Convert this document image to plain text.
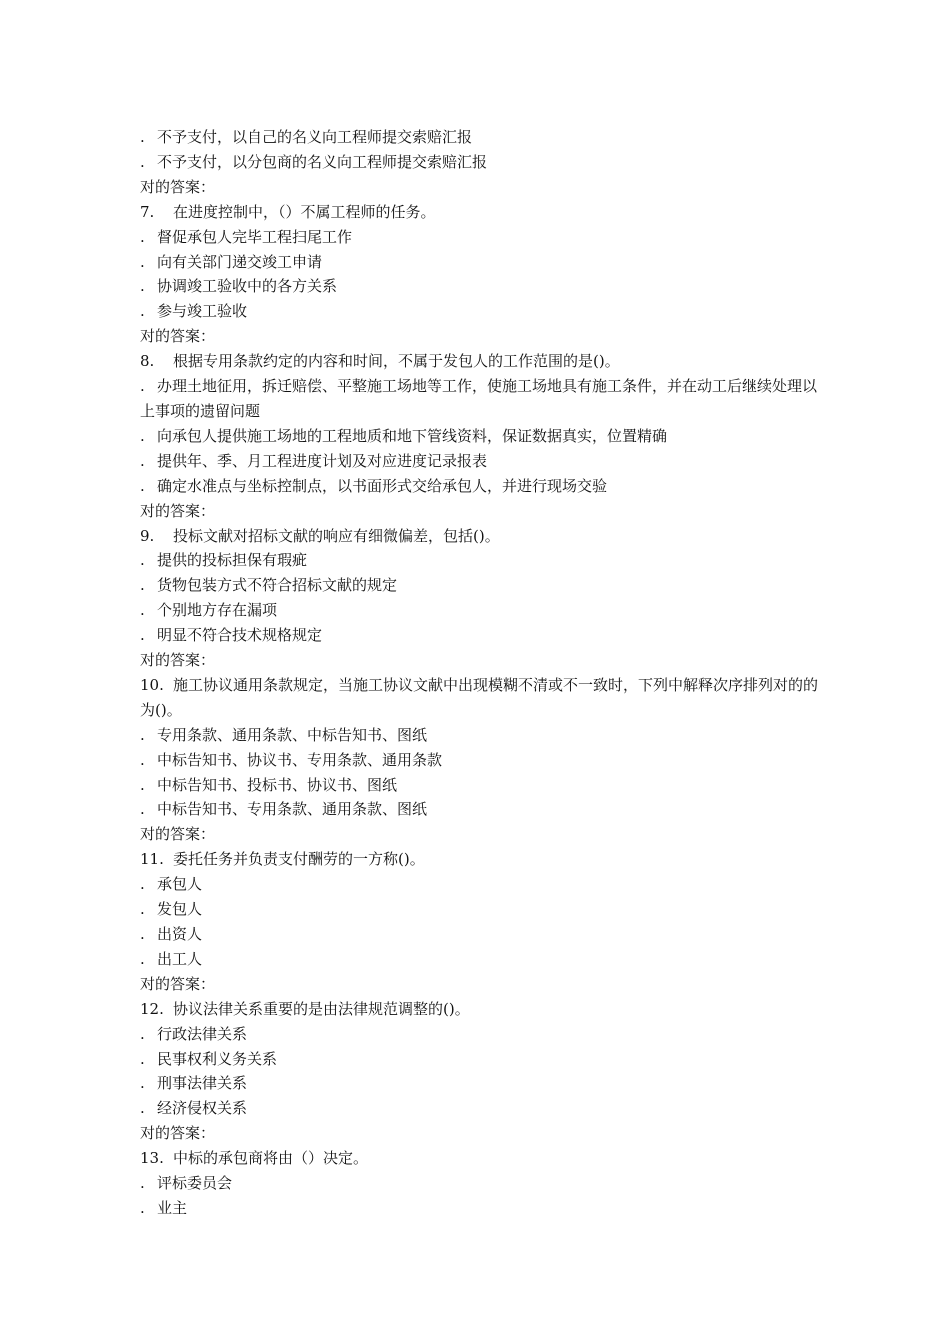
. 不予支付，以自己的名义向工程师提交索赔汇报
. 不予支付，以分包商的名义向工程师提交索赔汇报
对的答案：
7. 在进度控制中，（）不属工程师的任务。
. 督促承包人完毕工程扫尾工作
. 向有关部门递交竣工申请
. 协调竣工验收中的各方关系
. 参与竣工验收
对的答案：
8. 根据专用条款约定的内容和时间，不属于发包人的工作范围的是()。
. 办理土地征用，拆迁赔偿、平整施工场地等工作，使施工场地具有施工条件，并在动工后继续处理以上事项的遗留问题
. 向承包人提供施工场地的工程地质和地下管线资料，保证数据真实，位置精确
. 提供年、季、月工程进度计划及对应进度记录报表
. 确定水准点与坐标控制点，以书面形式交给承包人，并进行现场交验
对的答案：
9. 投标文献对招标文献的响应有细微偏差，包括()。
. 提供的投标担保有瑕疵
. 货物包装方式不符合招标文献的规定
. 个别地方存在漏项
. 明显不符合技术规格规定
对的答案：
10. 施工协议通用条款规定，当施工协议文献中出现模糊不清或不一致时，下列中解释次序排列对的的为()。
. 专用条款、通用条款、中标告知书、图纸
. 中标告知书、协议书、专用条款、通用条款
. 中标告知书、投标书、协议书、图纸
. 中标告知书、专用条款、通用条款、图纸
对的答案：
11. 委托任务并负责支付酬劳的一方称()。
. 承包人
. 发包人
. 出资人
. 出工人
对的答案：
12. 协议法律关系重要的是由法律规范调整的()。
. 行政法律关系
. 民事权利义务关系
. 刑事法律关系
. 经济侵权关系
对的答案：
13. 中标的承包商将由（）决定。
. 评标委员会
. 业主
